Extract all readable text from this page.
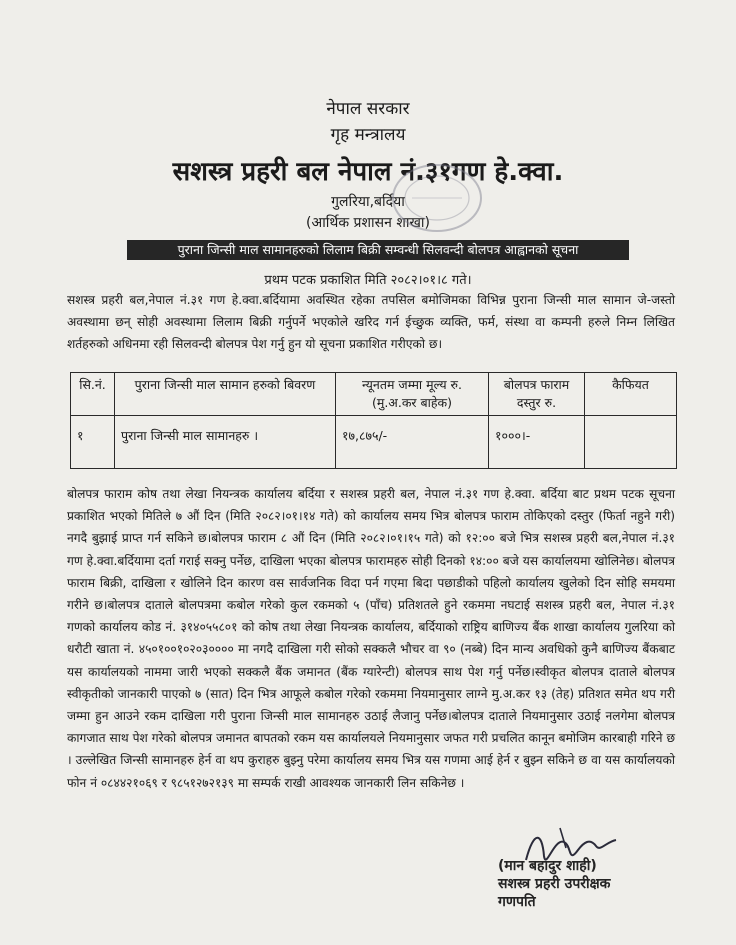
नेपाल सरकार
गृह मन्त्रालय
सशस्त्र प्रहरी बल नेपाल नं.३१गण हे.क्वा.
गुलरिया,बर्दिया
(आर्थिक प्रशासन शाखा)
पुराना जिन्सी माल सामानहरुको लिलाम बिक्री सम्वन्धी सिलवन्दी बोलपत्र आह्वानको सूचना
प्रथम पटक प्रकाशित मिति २०८२।०१।८ गते।

सशस्त्र प्रहरी बल,नेपाल नं.३१ गण हे.क्वा.बर्दियामा अवस्थित रहेका तपसिल बमोजिमका विभिन्न पुराना जिन्सी माल सामान जे-जस्तो अवस्थामा छन् सोही अवस्थामा लिलाम बिक्री गर्नुपर्ने भएकोले खरिद गर्न ईच्छुक व्यक्ति, फर्म, संस्था वा कम्पनी हरुले निम्न लिखित शर्तहरुको अधिनमा रही सिलवन्दी बोलपत्र पेश गर्नु हुन यो सूचना प्रकाशित गरीएको छ।

सि.नं.	पुराना जिन्सी माल सामान हरुको बिवरण	न्यूनतम जम्मा मूल्य रु. (मु.अ.कर बाहेक)	बोलपत्र फाराम दस्तुर रु.	कैफियत
१	पुराना जिन्सी माल सामानहरु ।	१७,८७५/-	१०००।-	

बोलपत्र फाराम कोष तथा लेखा नियन्त्रक कार्यालय बर्दिया र सशस्त्र प्रहरी बल, नेपाल नं.३१ गण हे.क्वा. बर्दिया बाट प्रथम पटक सूचना प्रकाशित भएको मितिले ७ औं दिन (मिति २०८२।०१।१४ गते) को कार्यालय समय भित्र बोलपत्र फाराम तोकिएको दस्तुर (फिर्ता नहुने गरी) नगदै बुझाई प्राप्त गर्न सकिने छ।बोलपत्र फाराम ८ औं दिन (मिति २०८२।०१।१५ गते) को १२:०० बजे भित्र सशस्त्र प्रहरी बल,नेपाल नं.३१ गण हे.क्वा.बर्दियामा दर्ता गराई सक्नु पर्नेछ, दाखिला भएका बोलपत्र फारामहरु सोही दिनको १४:०० बजे यस कार्यालयमा खोलिनेछ। बोलपत्र फाराम बिक्री, दाखिला र खोलिने दिन कारण वस सार्वजनिक विदा पर्न गएमा बिदा पछाडीको पहिलो कार्यालय खुलेको दिन सोहि समयमा गरीने छ।बोलपत्र दाताले बोलपत्रमा कबोल गरेको कुल रकमको ५ (पाँच) प्रतिशतले हुने रकममा नघटाई सशस्त्र प्रहरी बल, नेपाल नं.३१ गणको कार्यालय कोड नं. ३१४०५५८०१ को कोष तथा लेखा नियन्त्रक कार्यालय, बर्दियाको राष्ट्रिय बाणिज्य बैंक शाखा कार्यालय गुलरिया को धरौटी खाता नं. ४५०१००१०२०३०००० मा नगदै दाखिला गरी सोको सक्कलै भौचर वा ९० (नब्बे) दिन मान्य अवधिको कुनै बाणिज्य बैंकबाट यस कार्यालयको नाममा जारी भएको सक्कलै बैंक जमानत (बैंक ग्यारेन्टी) बोलपत्र साथ पेश गर्नु पर्नेछ।स्वीकृत बोलपत्र दाताले बोलपत्र स्वीकृतीको जानकारी पाएको ७ (सात) दिन भित्र आफूले कबोल गरेको रकममा नियमानुसार लाग्ने मु.अ.कर १३ (तेह) प्रतिशत समेत थप गरी जम्मा हुन आउने रकम दाखिला गरी पुराना जिन्सी माल सामानहरु उठाई लैजानु पर्नेछ।बोलपत्र दाताले नियमानुसार उठाई नलगेमा बोलपत्र कागजात साथ पेश गरेको बोलपत्र जमानत बापतको रकम यस कार्यालयले नियमानुसार जफत गरी प्रचलित कानून बमोजिम कारबाही गरिने छ । उल्लेखित जिन्सी सामानहरु हेर्न वा थप कुराहरु बुझ्नु परेमा कार्यालय समय भित्र यस गणमा आई हेर्न र बुझ्न सकिने छ वा यस कार्यालयको फोन नं ०८४४२१०६९ र ९८५१२७२१३९ मा सम्पर्क राखी आवश्यक जानकारी लिन सकिनेछ ।

(मान बहादुर शाही)
सशस्त्र प्रहरी उपरीक्षक
गणपति
